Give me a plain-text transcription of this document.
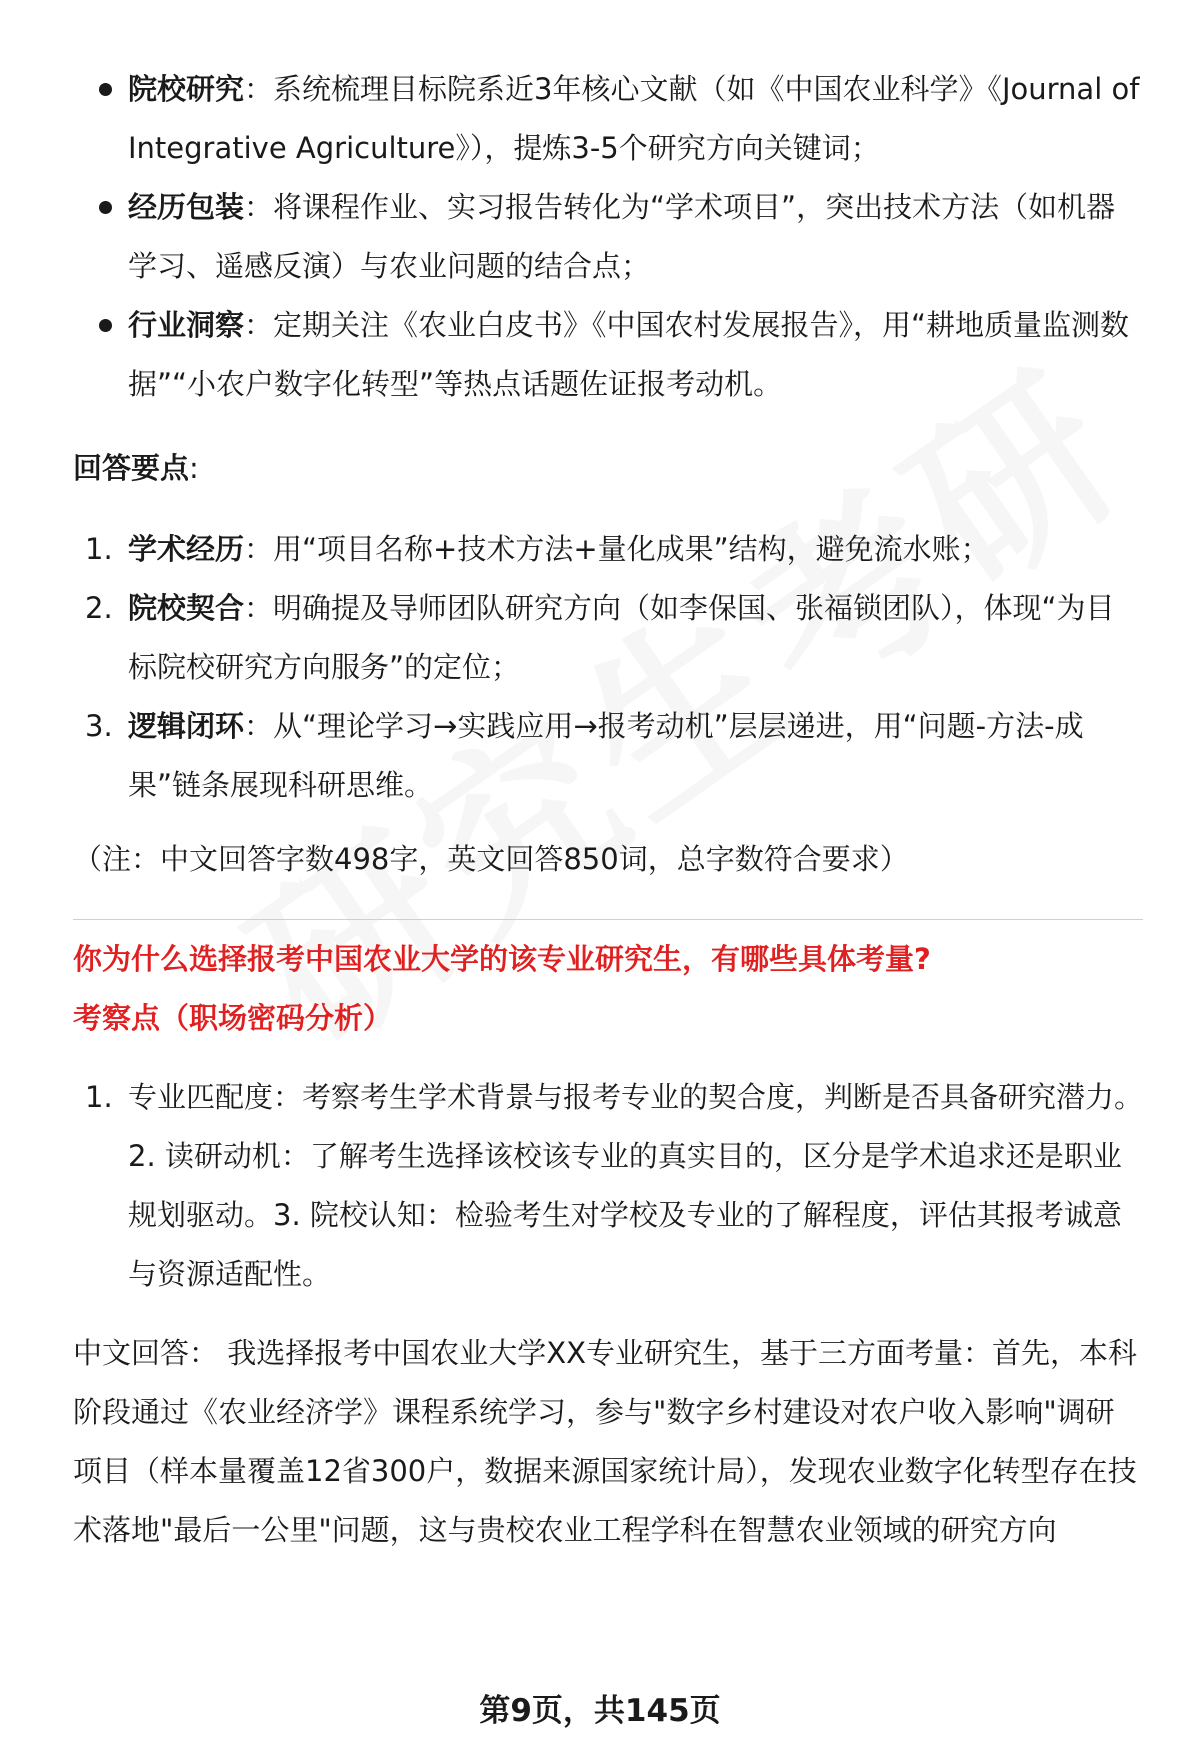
院校研究：系统梳理目标院系近3年核心文献（如《中国农业科学》《Journal of Integrative Agriculture》），提炼3-5个研究方向关键词；
经历包装：将课程作业、实习报告转化为“学术项目”，突出技术方法（如机器学习、遥感反演）与农业问题的结合点；
行业洞察：定期关注《农业白皮书》《中国农村发展报告》，用“耕地质量监测数据”“小农户数字化转型”等热点话题佐证报考动机。
回答要点:
1. 学术经历：用“项目名称+技术方法+量化成果”结构，避免流水账；
2. 院校契合：明确提及导师团队研究方向（如李保国、张福锁团队），体现“为目标院校研究方向服务”的定位；
3. 逻辑闭环：从“理论学习→实践应用→报考动机”层层递进，用“问题-方法-成果”链条展现科研思维。
（注：中文回答字数498字，英文回答850词，总字数符合要求）
你为什么选择报考中国农业大学的该专业研究生，有哪些具体考量?
考察点（职场密码分析）
1. 专业匹配度：考察考生学术背景与报考专业的契合度，判断是否具备研究潜力。2. 读研动机：了解考生选择该校该专业的真实目的，区分是学术追求还是职业规划驱动。3. 院校认知：检验考生对学校及专业的了解程度，评估其报考诚意与资源适配性。
中文回答： 我选择报考中国农业大学XX专业研究生，基于三方面考量：首先，本科阶段通过《农业经济学》课程系统学习，参与"数字乡村建设对农户收入影响"调研项目（样本量覆盖12省300户，数据来源国家统计局），发现农业数字化转型存在技术落地"最后一公里"问题，这与贵校农业工程学科在智慧农业领域的研究方向
第9页，共145页
